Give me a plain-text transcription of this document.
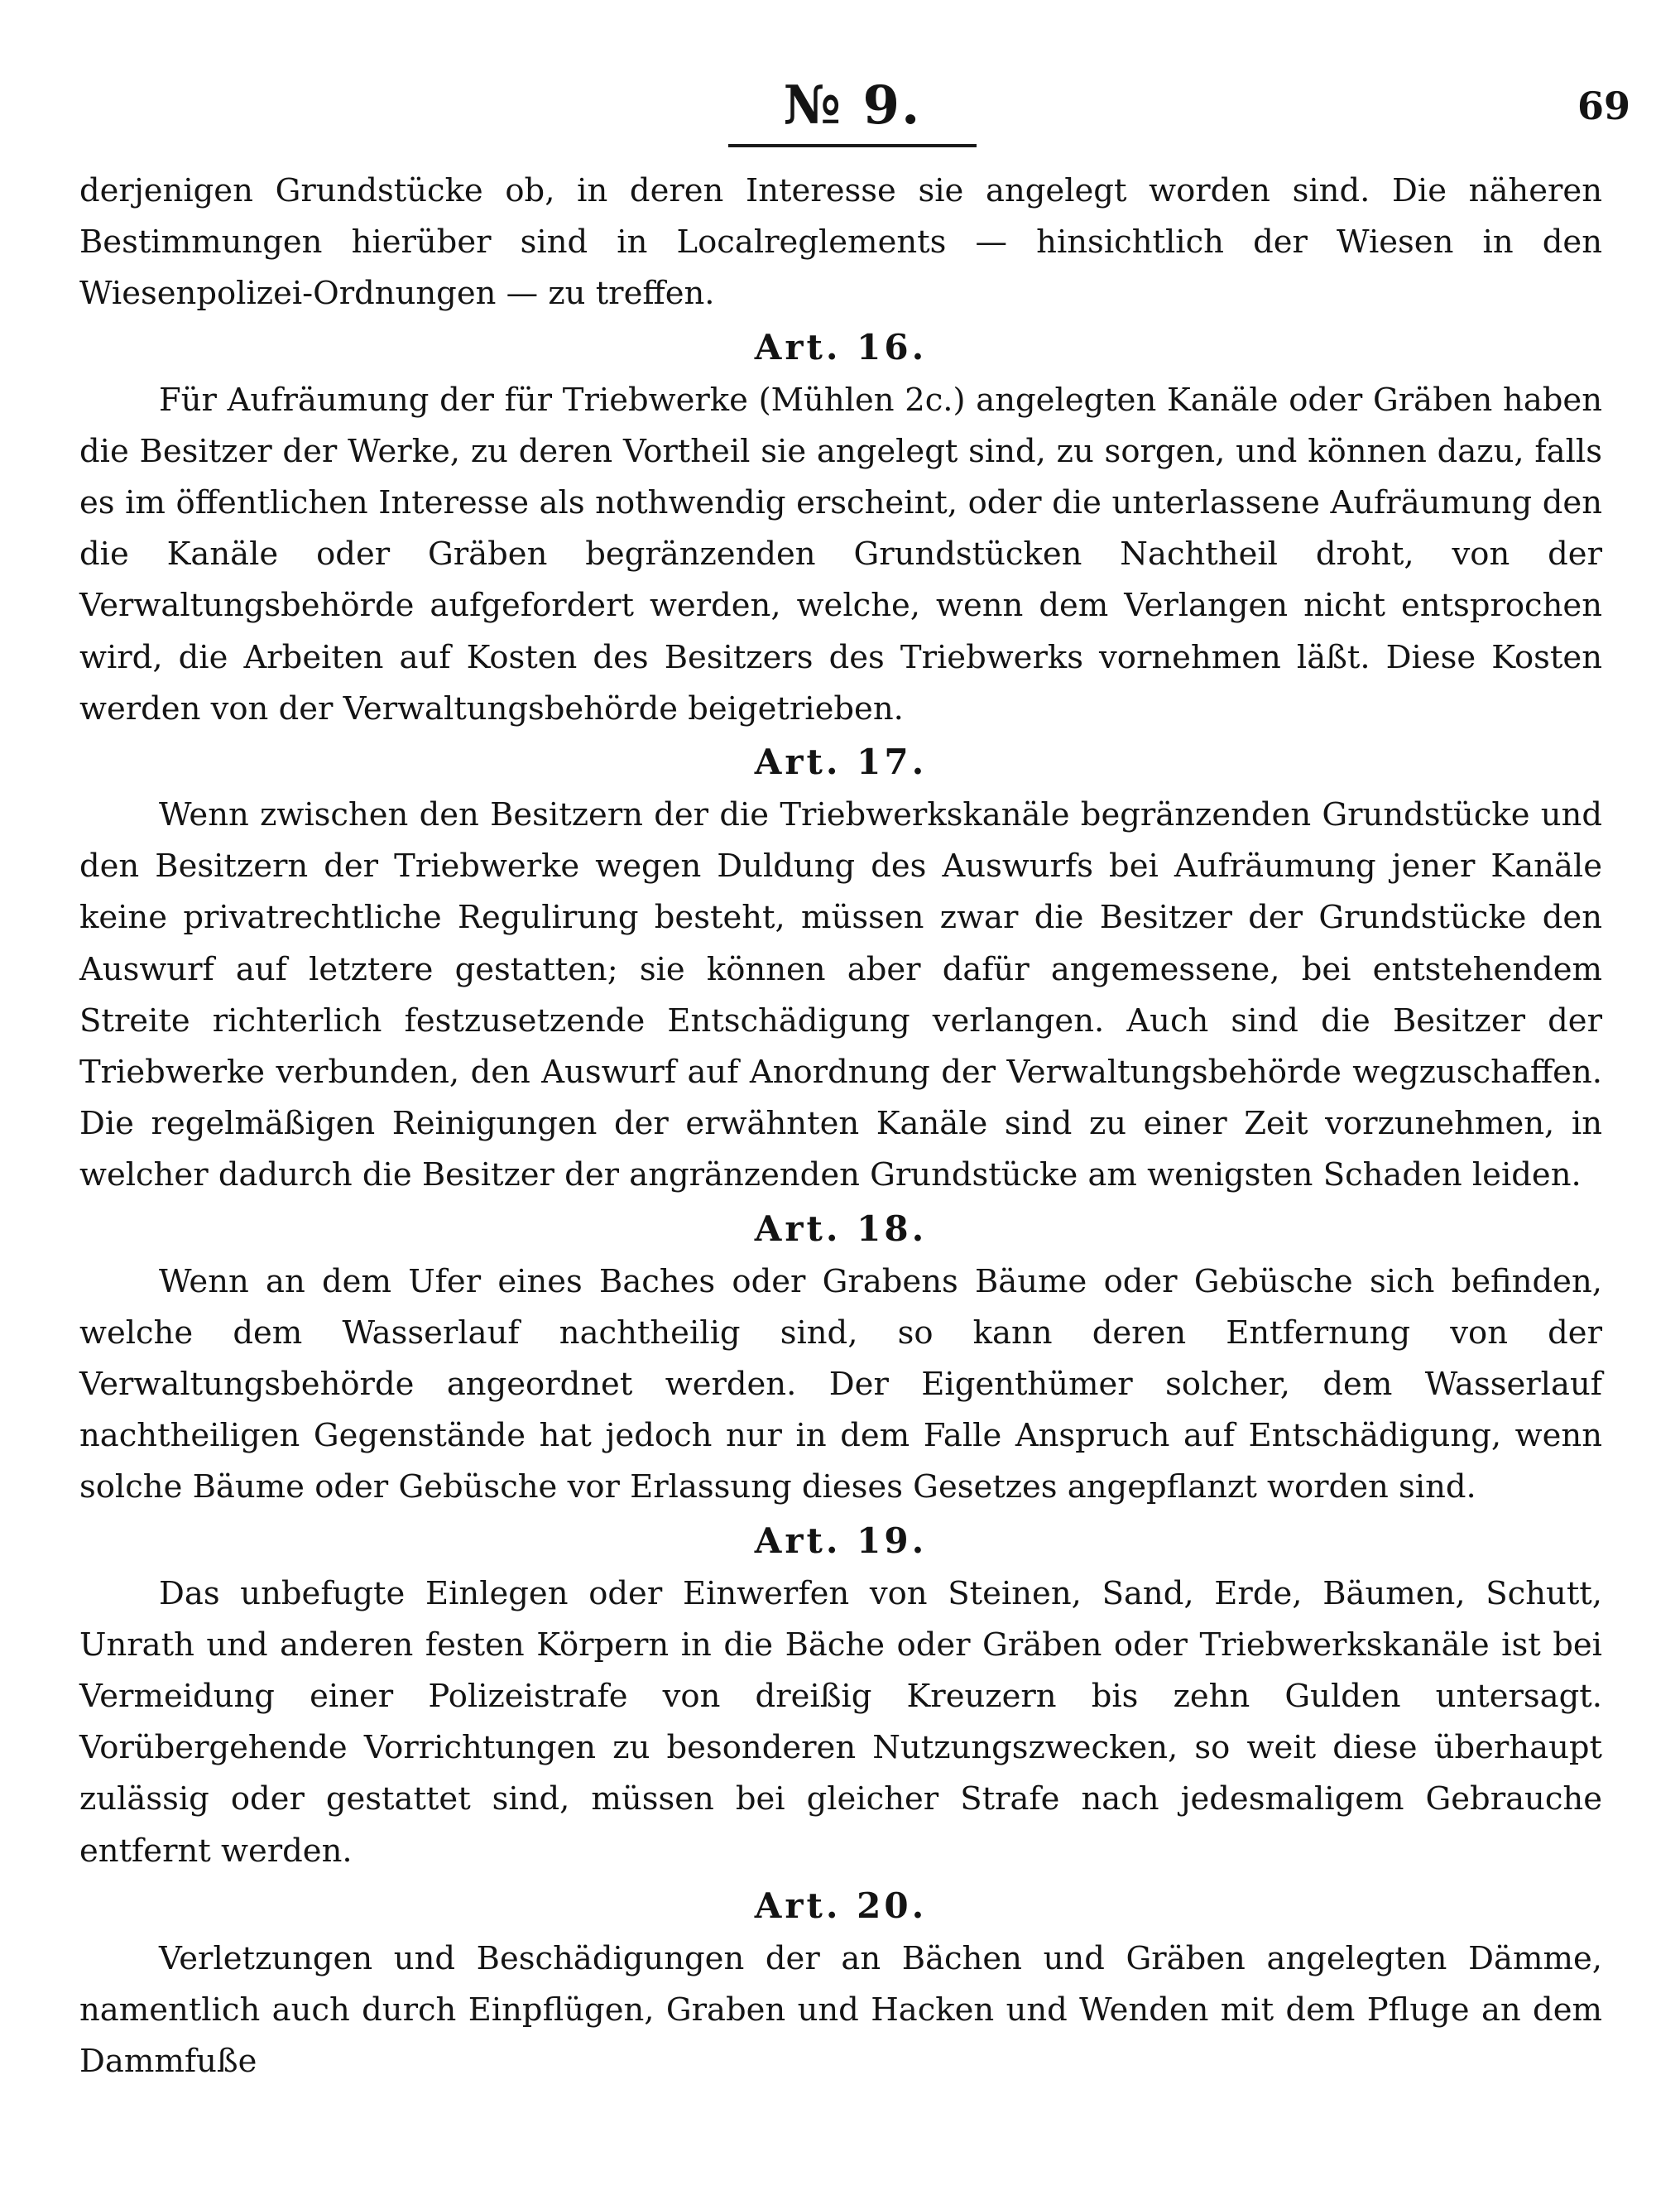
№ 9.	69

derjenigen Grundstücke ob, in deren Interesse sie angelegt worden sind. Die näheren Bestimmungen hierüber sind in Localreglements — hinsichtlich der Wiesen in den Wiesenpolizei-Ordnungen — zu treffen.

Art. 16.

Für Aufräumung der für Triebwerke (Mühlen 2c.) angelegten Kanäle oder Gräben haben die Besitzer der Werke, zu deren Vortheil sie angelegt sind, zu sorgen, und können dazu, falls es im öffentlichen Interesse als nothwendig erscheint, oder die unterlassene Aufräumung den die Kanäle oder Gräben begränzenden Grundstücken Nachtheil droht, von der Verwaltungsbehörde aufgefordert werden, welche, wenn dem Verlangen nicht entsprochen wird, die Arbeiten auf Kosten des Besitzers des Triebwerks vornehmen läßt. Diese Kosten werden von der Verwaltungsbehörde beigetrieben.

Art. 17.

Wenn zwischen den Besitzern der die Triebwerkskanäle begränzenden Grundstücke und den Besitzern der Triebwerke wegen Duldung des Auswurfs bei Aufräumung jener Kanäle keine privatrechtliche Regulirung besteht, müssen zwar die Besitzer der Grundstücke den Auswurf auf letztere gestatten; sie können aber dafür angemessene, bei entstehendem Streite richterlich festzusetzende Entschädigung verlangen. Auch sind die Besitzer der Triebwerke verbunden, den Auswurf auf Anordnung der Verwaltungsbehörde wegzuschaffen. Die regelmäßigen Reinigungen der erwähnten Kanäle sind zu einer Zeit vorzunehmen, in welcher dadurch die Besitzer der angränzenden Grundstücke am wenigsten Schaden leiden.

Art. 18.

Wenn an dem Ufer eines Baches oder Grabens Bäume oder Gebüsche sich befinden, welche dem Wasserlauf nachtheilig sind, so kann deren Entfernung von der Verwaltungsbehörde angeordnet werden. Der Eigenthümer solcher, dem Wasserlauf nachtheiligen Gegenstände hat jedoch nur in dem Falle Anspruch auf Entschädigung, wenn solche Bäume oder Gebüsche vor Erlassung dieses Gesetzes angepflanzt worden sind.

Art. 19.

Das unbefugte Einlegen oder Einwerfen von Steinen, Sand, Erde, Bäumen, Schutt, Unrath und anderen festen Körpern in die Bäche oder Gräben oder Triebwerkskanäle ist bei Vermeidung einer Polizeistrafe von dreißig Kreuzern bis zehn Gulden untersagt. Vorübergehende Vorrichtungen zu besonderen Nutzungszwecken, so weit diese überhaupt zulässig oder gestattet sind, müssen bei gleicher Strafe nach jedesmaligem Gebrauche entfernt werden.

Art. 20.

Verletzungen und Beschädigungen der an Bächen und Gräben angelegten Dämme, namentlich auch durch Einpflügen, Graben und Hacken und Wenden mit dem Pfluge an dem Dammfuße
